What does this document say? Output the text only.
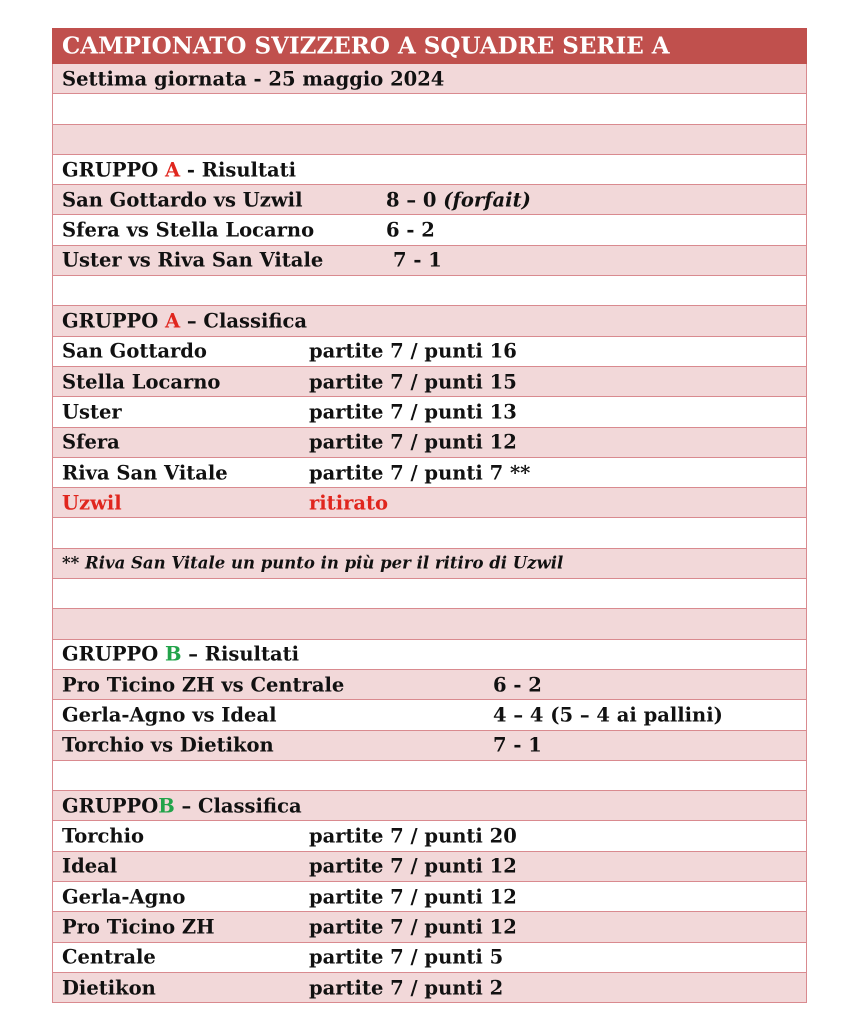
CAMPIONATO SVIZZERO A SQUADRE SERIE A
Settima giornata - 25 maggio 2024
GRUPPO A - Risultati
San Gottardo vs Uzwil	8 – 0 (forfait)
Sfera vs Stella Locarno	6 - 2
Uster vs Riva San Vitale	7 - 1
GRUPPO A – Classifica
San Gottardo	partite 7 / punti 16
Stella Locarno	partite 7 / punti 15
Uster	partite 7 / punti 13
Sfera	partite 7 / punti 12
Riva San Vitale	partite 7 / punti 7 **
Uzwil	ritirato
** Riva San Vitale un punto in più per il ritiro di Uzwil
GRUPPO B – Risultati
Pro Ticino ZH vs Centrale	6 - 2
Gerla-Agno vs Ideal	4 – 4 (5 – 4 ai pallini)
Torchio vs Dietikon	7 - 1
GRUPPOB – Classifica
Torchio	partite 7 / punti 20
Ideal	partite 7 / punti 12
Gerla-Agno	partite 7 / punti 12
Pro Ticino ZH	partite 7 / punti 12
Centrale	partite 7 / punti 5
Dietikon	partite 7 / punti 2
